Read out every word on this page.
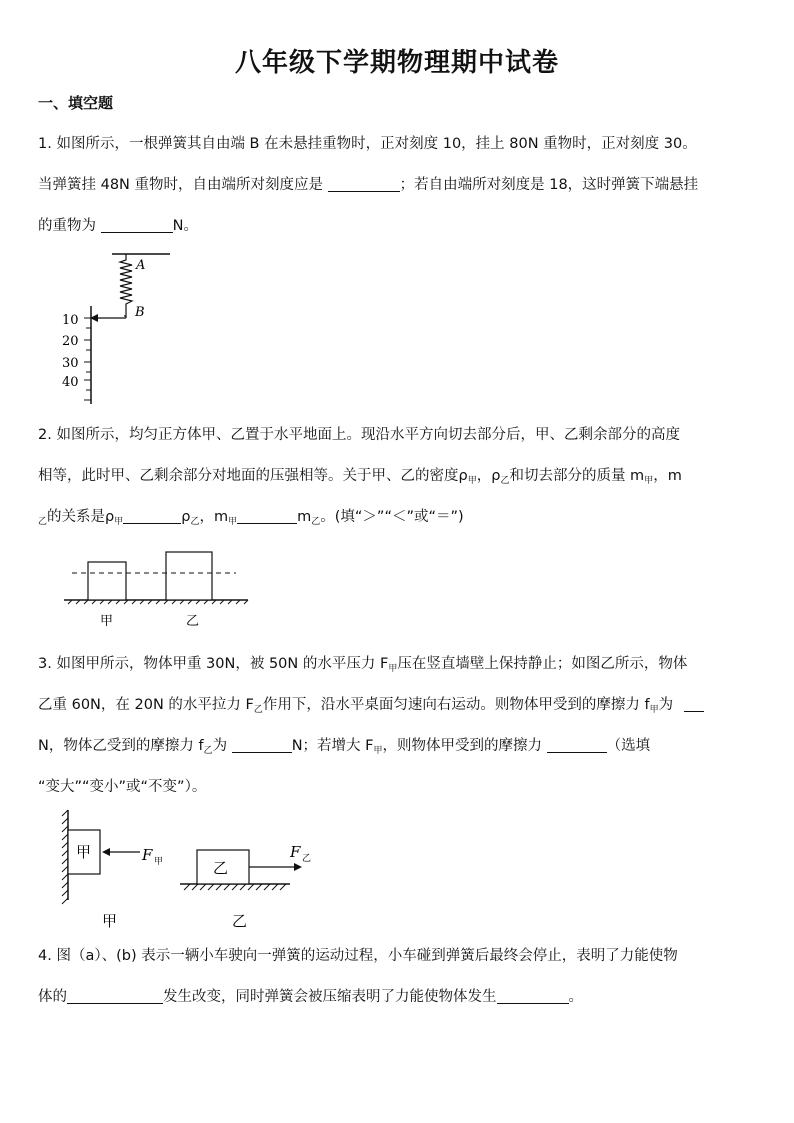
八年级下学期物理期中试卷
一、填空题
1. 如图所示，一根弹簧其自由端 B 在未悬挂重物时，正对刻度 10，挂上 80N 重物时，正对刻度 30。
当弹簧挂 48N 重物时，自由端所对刻度应是	；若自由端所对刻度是 18，这时弹簧下端悬挂
的重物为	N。
A
B
10
20
30
40
2. 如图所示，均匀正方体甲、乙置于水平地面上。现沿水平方向切去部分后，甲、乙剩余部分的高度
相等，此时甲、乙剩余部分对地面的压强相等。关于甲、乙的密度$\rho_甲$，$\rho_乙$和切去部分的质量 $m_甲$，m
$_乙$的关系是$\rho_甲$	$\rho_乙$，$m_甲$	$m_乙$。(填“＞”“＜”或“＝”)
甲	乙
3. 如图甲所示，物体甲重 30N，被 50N 的水平压力 $F_甲$压在竖直墙壁上保持静止；如图乙所示，物体
乙重 60N，在 20N 的水平拉力 $F_乙$作用下，沿水平桌面匀速向右运动。则物体甲受到的摩擦力 $f_甲$为
N，物体乙受到的摩擦力 $f_乙$为	N；若增大 $F_甲$，则物体甲受到的摩擦力	（选填
“变大”“变小”或“不变”）。
甲	F 甲	乙
F 乙
甲	乙
4. 图（a）、(b) 表示一辆小车驶向一弹簧的运动过程，小车碰到弹簧后最终会停止，表明了力能使物
体的	发生改变，同时弹簧会被压缩表明了力能使物体发生	。
